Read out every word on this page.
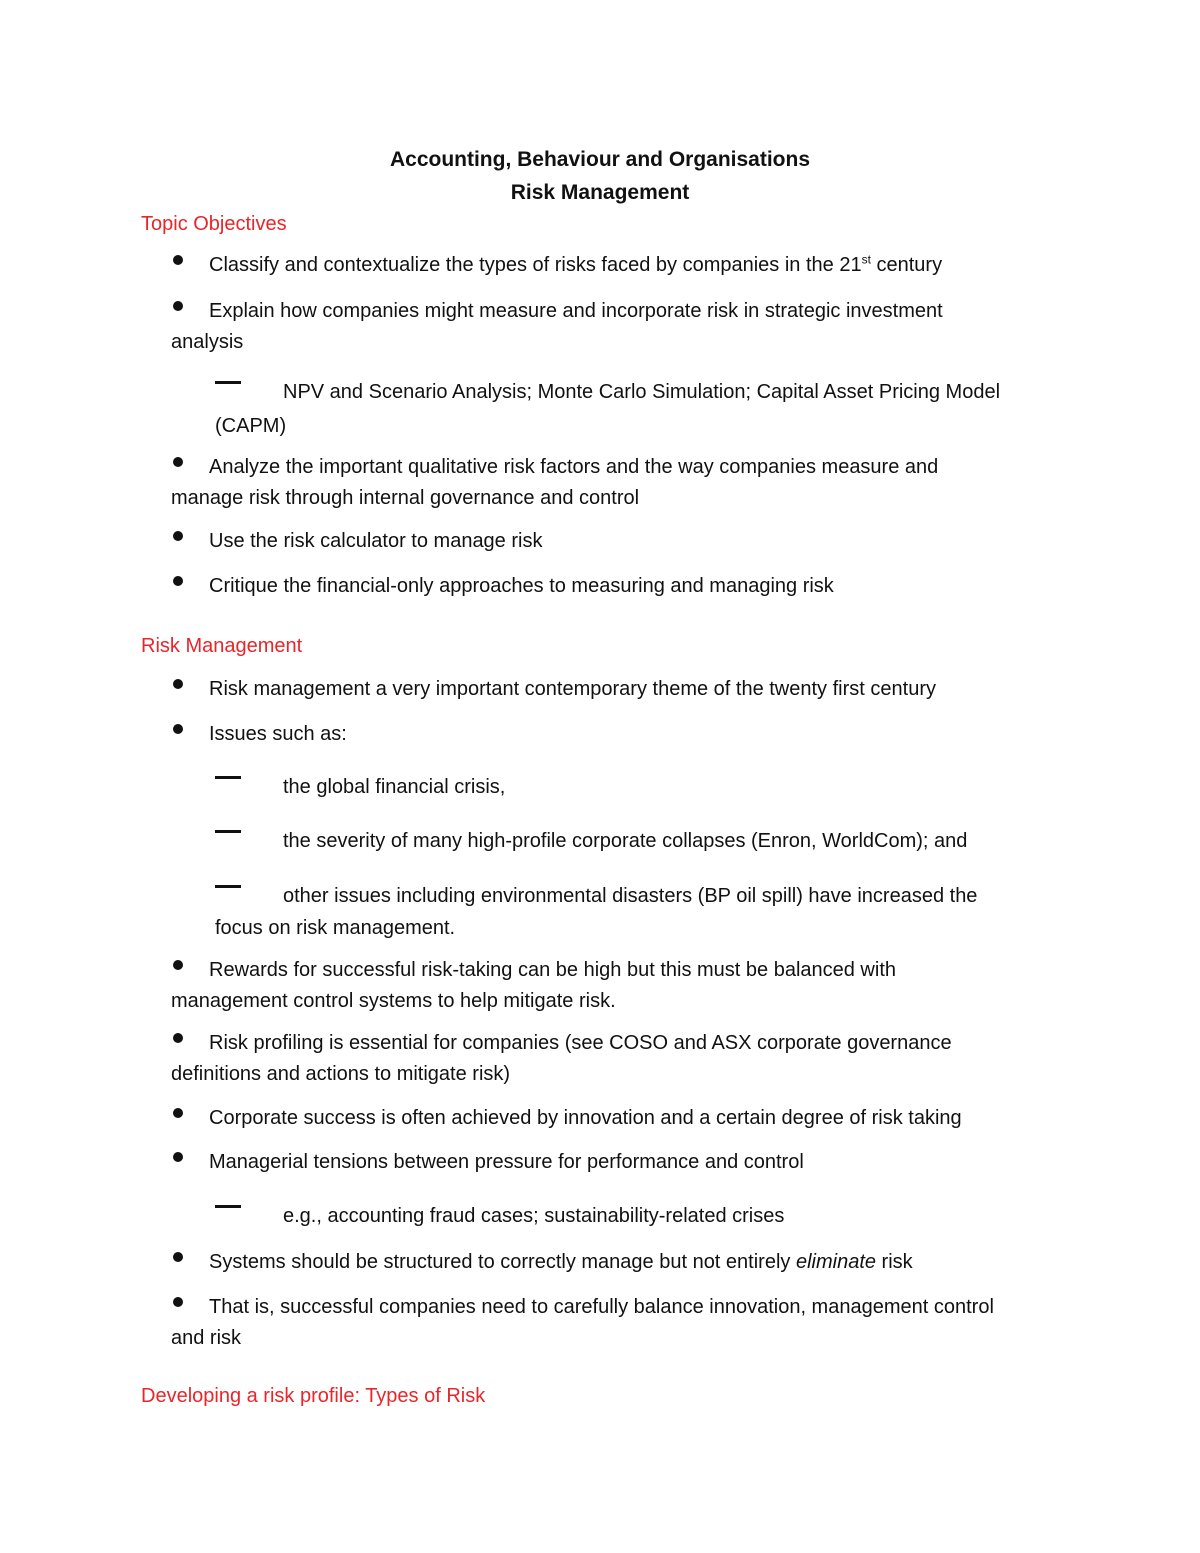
Accounting, Behaviour and Organisations
Risk Management
Topic Objectives
Classify and contextualize the types of risks faced by companies in the 21st century
Explain how companies might measure and incorporate risk in strategic investment
analysis
NPV and Scenario Analysis; Monte Carlo Simulation; Capital Asset Pricing Model
(CAPM)
Analyze the important qualitative risk factors and the way companies measure and
manage risk through internal governance and control
Use the risk calculator to manage risk
Critique the financial-only approaches to measuring and managing risk
Risk Management
Risk management a very important contemporary theme of the twenty first century
Issues such as:
the global financial crisis,
the severity of many high-profile corporate collapses (Enron, WorldCom); and
other issues including environmental disasters (BP oil spill) have increased the
focus on risk management.
Rewards for successful risk-taking can be high but this must be balanced with
management control systems to help mitigate risk.
Risk profiling is essential for companies (see COSO and ASX corporate governance
definitions and actions to mitigate risk)
Corporate success is often achieved by innovation and a certain degree of risk taking
Managerial tensions between pressure for performance and control
e.g., accounting fraud cases; sustainability-related crises
Systems should be structured to correctly manage but not entirely eliminate risk
That is, successful companies need to carefully balance innovation, management control
and risk
Developing a risk profile: Types of Risk
